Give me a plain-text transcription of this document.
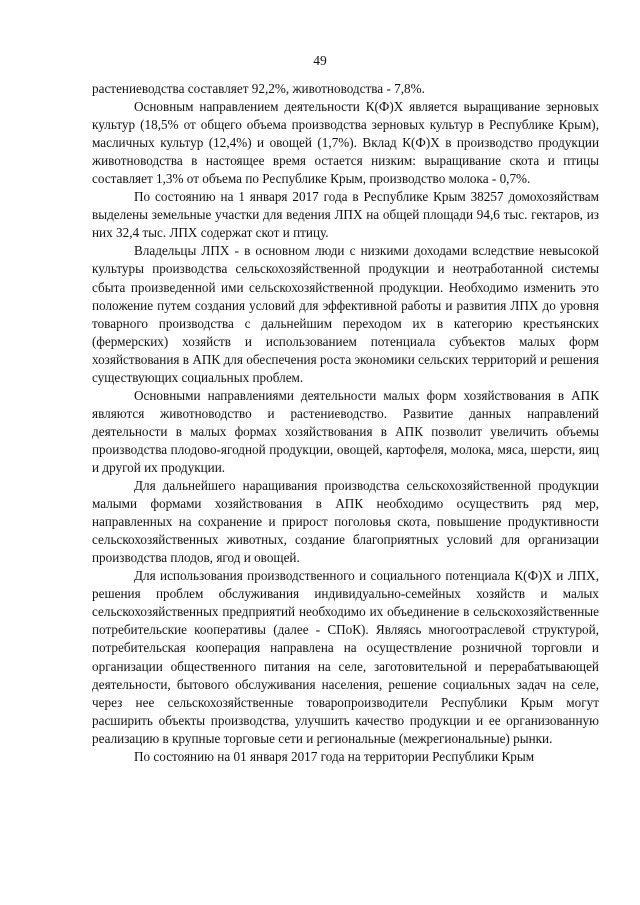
49

растениеводства составляет 92,2%, животноводства - 7,8%.

Основным направлением деятельности К(Ф)Х является выращивание зерновых культур (18,5% от общего объема производства зерновых культур в Республике Крым), масличных культур (12,4%) и овощей (1,7%). Вклад К(Ф)Х в производство продукции животноводства в настоящее время остается низким: выращивание скота и птицы составляет 1,3% от объема по Республике Крым, производство молока - 0,7%.

По состоянию на 1 января 2017 года в Республике Крым 38257 домохозяйствам выделены земельные участки для ведения ЛПХ на общей площади 94,6 тыс. гектаров, из них 32,4 тыс. ЛПХ содержат скот и птицу.

Владельцы ЛПХ - в основном люди с низкими доходами вследствие невысокой культуры производства сельскохозяйственной продукции и неотработанной системы сбыта произведенной ими сельскохозяйственной продукции. Необходимо изменить это положение путем создания условий для эффективной работы и развития ЛПХ до уровня товарного производства с дальнейшим переходом их в категорию крестьянских (фермерских) хозяйств и использованием потенциала субъектов малых форм хозяйствования в АПК для обеспечения роста экономики сельских территорий и решения существующих социальных проблем.

Основными направлениями деятельности малых форм хозяйствования в АПК являются животноводство и растениеводство. Развитие данных направлений деятельности в малых формах хозяйствования в АПК позволит увеличить объемы производства плодово-ягодной продукции, овощей, картофеля, молока, мяса, шерсти, яиц и другой их продукции.

Для дальнейшего наращивания производства сельскохозяйственной продукции малыми формами хозяйствования в АПК необходимо осуществить ряд мер, направленных на сохранение и прирост поголовья скота, повышение продуктивности сельскохозяйственных животных, создание благоприятных условий для организации производства плодов, ягод и овощей.

Для использования производственного и социального потенциала К(Ф)Х и ЛПХ, решения проблем обслуживания индивидуально-семейных хозяйств и малых сельскохозяйственных предприятий необходимо их объединение в сельскохозяйственные потребительские кооперативы (далее - СПоК). Являясь многоотраслевой структурой, потребительская кооперация направлена на осуществление розничной торговли и организации общественного питания на селе, заготовительной и перерабатывающей деятельности, бытового обслуживания населения, решение социальных задач на селе, через нее сельскохозяйственные товаропроизводители Республики Крым могут расширить объекты производства, улучшить качество продукции и ее организованную реализацию в крупные торговые сети и региональные (межрегиональные) рынки.

По состоянию на 01 января 2017 года на территории Республики Крым
